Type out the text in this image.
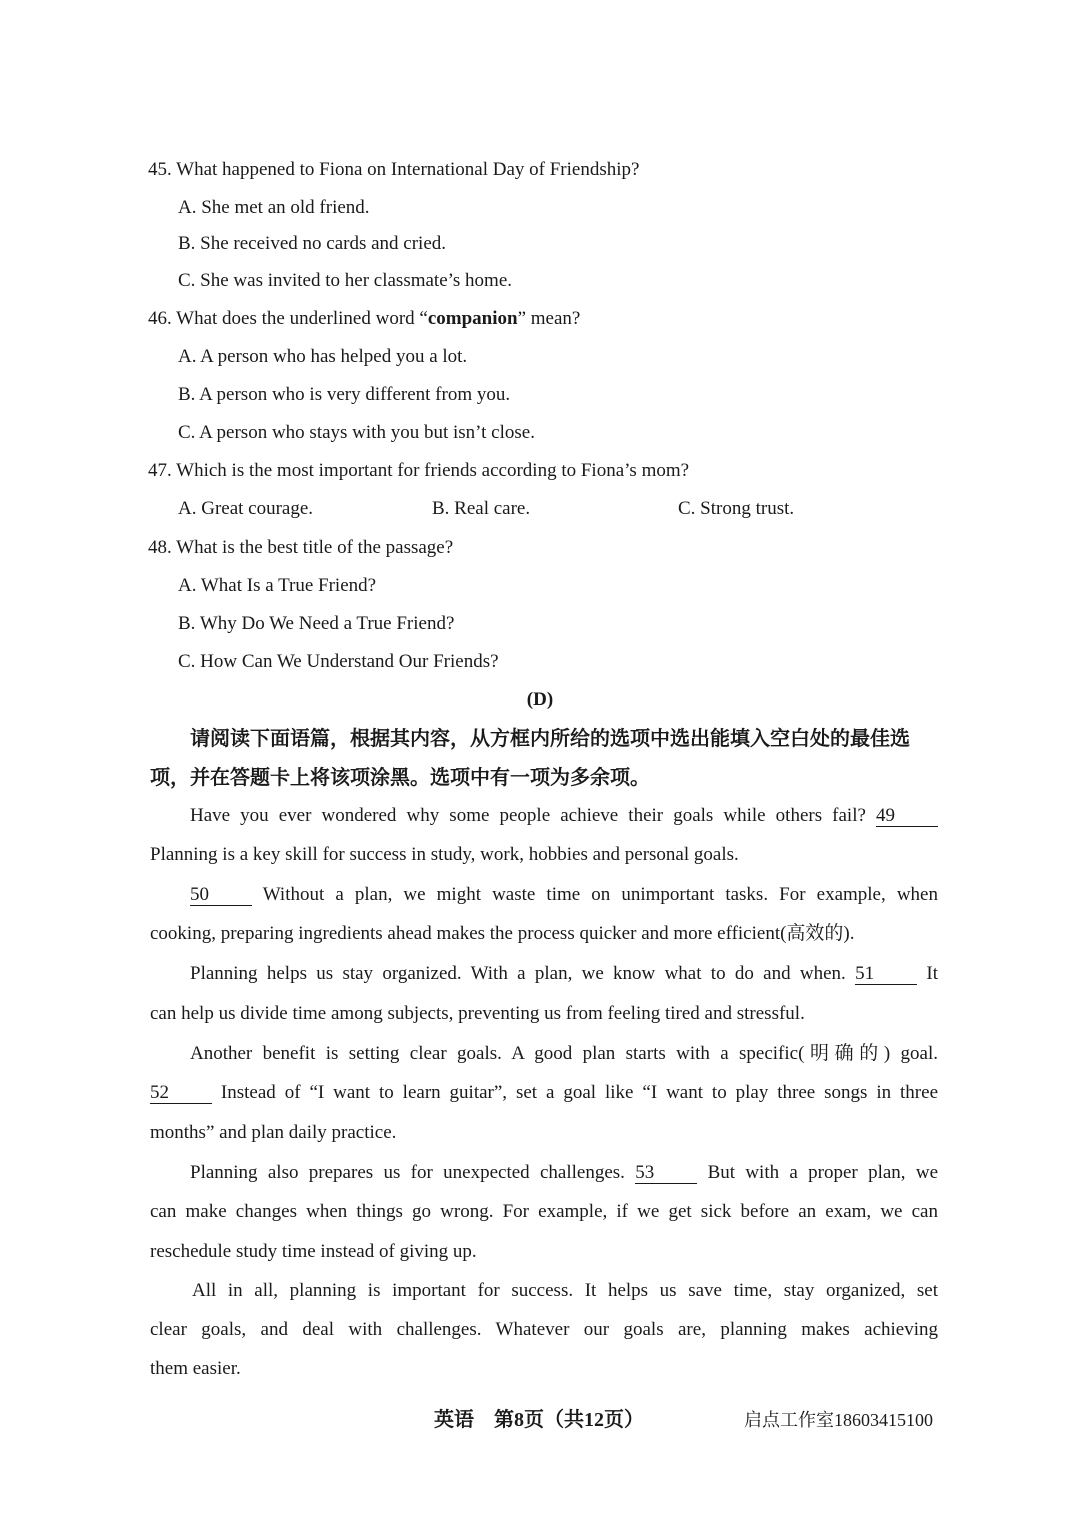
45. What happened to Fiona on International Day of Friendship?
A. She met an old friend.
B. She received no cards and cried.
C. She was invited to her classmate’s home.
46. What does the underlined word “companion” mean?
A. A person who has helped you a lot.
B. A person who is very different from you.
C. A person who stays with you but isn’t close.
47. Which is the most important for friends according to Fiona’s mom?
A. Great courage.	B. Real care.	C. Strong trust.
48. What is the best title of the passage?
A. What Is a True Friend?
B. Why Do We Need a True Friend?
C. How Can We Understand Our Friends?
(D)
请阅读下面语篇，根据其内容，从方框内所给的选项中选出能填入空白处的最佳选
项，并在答题卡上将该项涂黑。选项中有一项为多余项。
Have you ever wondered why some people achieve their goals while others fail? 49
Planning is a key skill for success in study, work, hobbies and personal goals.
50	Without a plan, we might waste time on unimportant tasks. For example, when
cooking, preparing ingredients ahead makes the process quicker and more efficient(高效的).
Planning helps us stay organized. With a plan, we know what to do and when. 51	It
can help us divide time among subjects, preventing us from feeling tired and stressful.
Another benefit is setting clear goals. A good plan starts with a specific(明确的) goal.
52	Instead of “I want to learn guitar”, set a goal like “I want to play three songs in three
months” and plan daily practice.
Planning also prepares us for unexpected challenges. 53	But with a proper plan, we
can make changes when things go wrong. For example, if we get sick before an exam, we can
reschedule study time instead of giving up.
All in all, planning is important for success. It helps us save time, stay organized, set
clear goals, and deal with challenges. Whatever our goals are, planning makes achieving
them easier.
英语　第8页（共12页）	启点工作室18603415100
